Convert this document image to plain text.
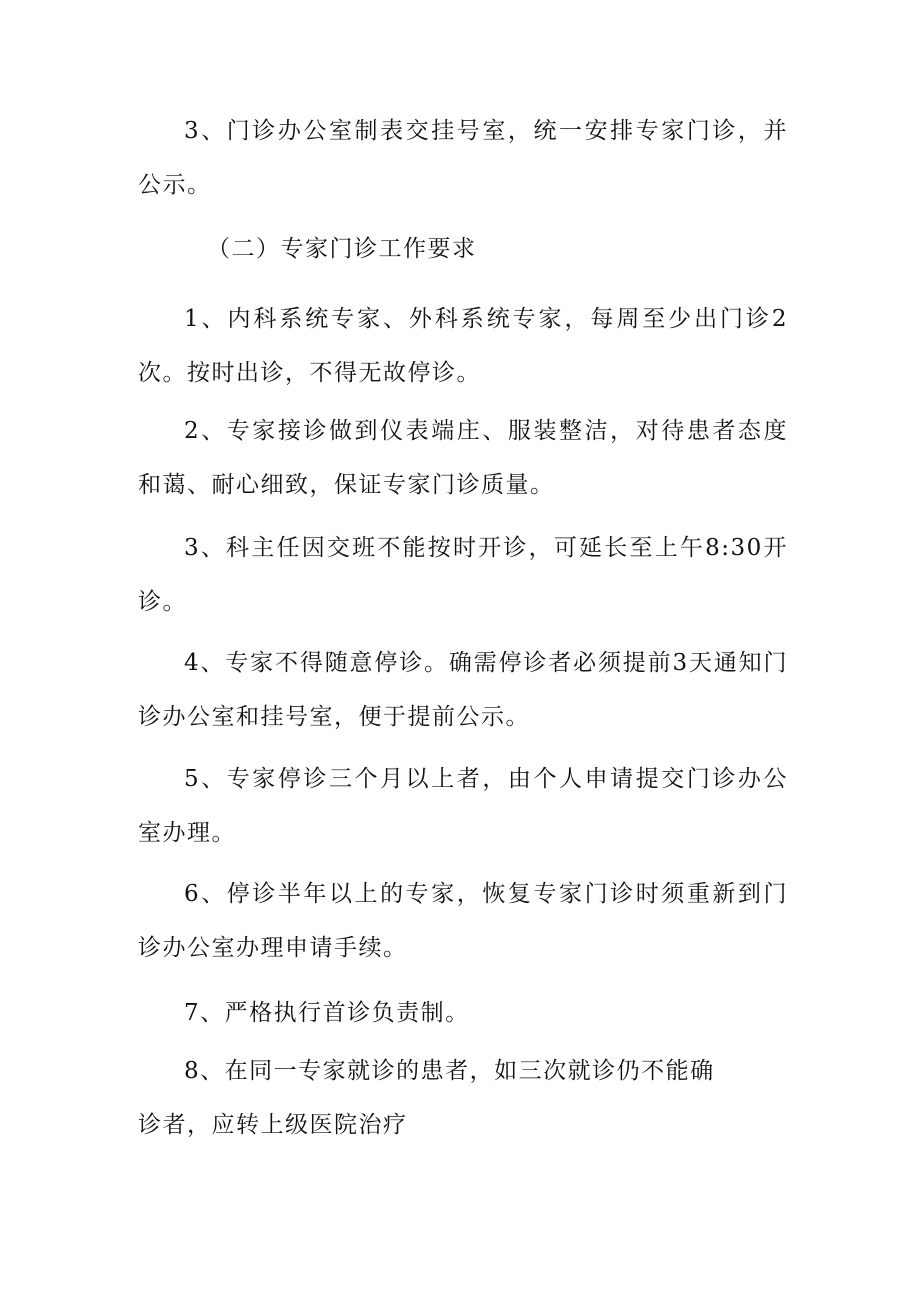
3、门诊办公室制表交挂号室，统一安排专家门诊，并公示。

（二）专家门诊工作要求

1、内科系统专家、外科系统专家，每周至少出门诊2次。按时出诊，不得无故停诊。

2、专家接诊做到仪表端庄、服装整洁，对待患者态度和蔼、耐心细致，保证专家门诊质量。

3、科主任因交班不能按时开诊，可延长至上午8:30开诊。

4、专家不得随意停诊。确需停诊者必须提前3天通知门诊办公室和挂号室，便于提前公示。

5、专家停诊三个月以上者，由个人申请提交门诊办公室办理。

6、停诊半年以上的专家，恢复专家门诊时须重新到门诊办公室办理申请手续。

7、严格执行首诊负责制。

8、在同一专家就诊的患者，如三次就诊仍不能确
诊者，应转上级医院治疗
